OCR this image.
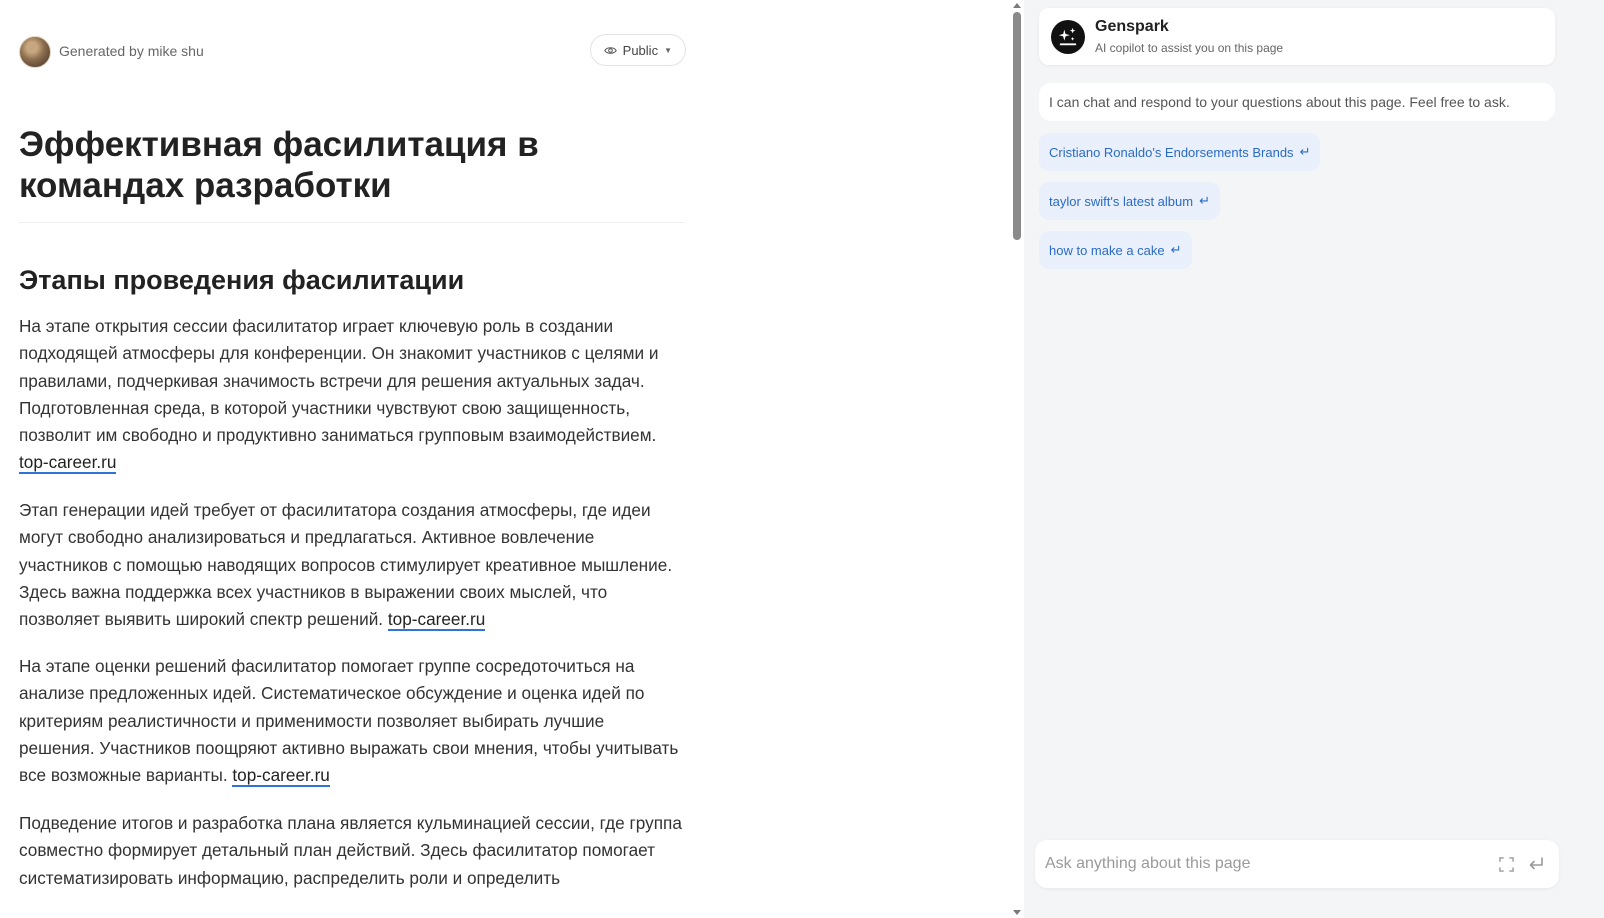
Generated by mike shu	Public ▼
Эффективная фасилитация в командах разработки
Этапы проведения фасилитации

На этапе открытия сессии фасилитатор играет ключевую роль в создании подходящей атмосферы для конференции. Он знакомит участников с целями и правилами, подчеркивая значимость встречи для решения актуальных задач. Подготовленная среда, в которой участники чувствуют свою защищенность, позволит им свободно и продуктивно заниматься групповым взаимодействием. top-career.ru

Этап генерации идей требует от фасилитатора создания атмосферы, где идеи могут свободно анализироваться и предлагаться. Активное вовлечение участников с помощью наводящих вопросов стимулирует креативное мышление. Здесь важна поддержка всех участников в выражении своих мыслей, что позволяет выявить широкий спектр решений. top-career.ru

На этапе оценки решений фасилитатор помогает группе сосредоточиться на анализе предложенных идей. Систематическое обсуждение и оценка идей по критериям реалистичности и применимости позволяет выбирать лучшие решения. Участников поощряют активно выражать свои мнения, чтобы учитывать все возможные варианты. top-career.ru

Подведение итогов и разработка плана является кульминацией сессии, где группа совместно формирует детальный план действий. Здесь фасилитатор помогает систематизировать информацию, распределить роли и определить

Genspark
AI copilot to assist you on this page
I can chat and respond to your questions about this page. Feel free to ask.
Cristiano Ronaldo's Endorsements Brands ↵
taylor swift's latest album ↵
how to make a cake ↵
Ask anything about this page
